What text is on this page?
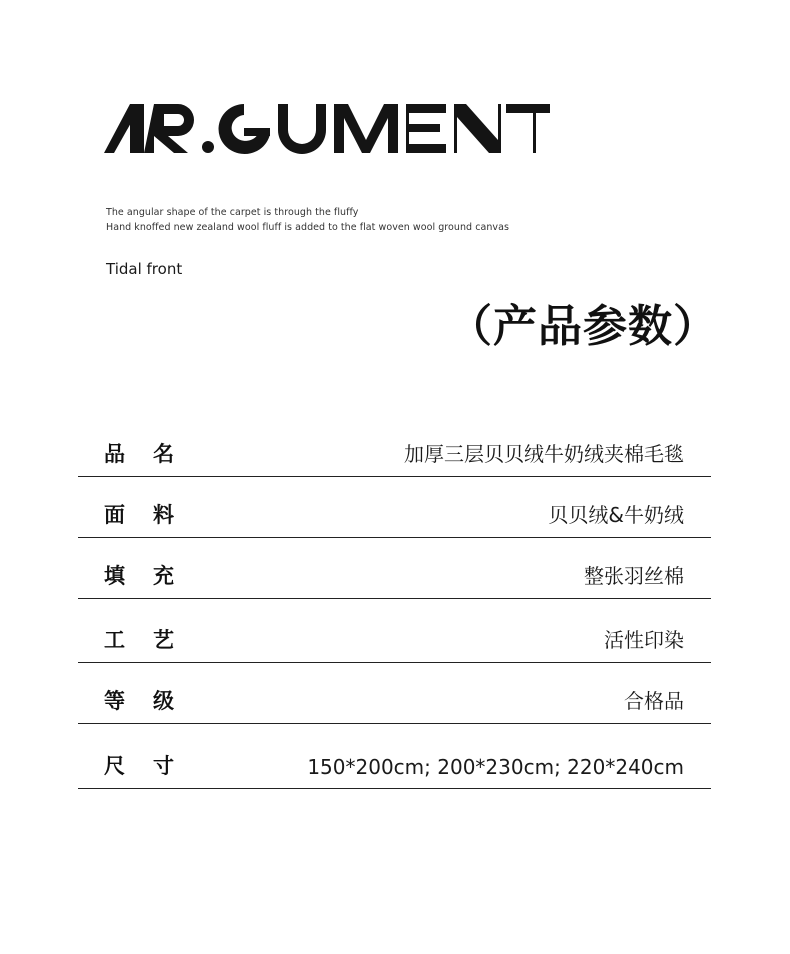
The angular shape of the carpet is through the fluffy
Hand knoffed new zealand wool fluff is added to the flat woven wool ground canvas
Tidal front
（产品参数）
品名	加厚三层贝贝绒牛奶绒夹棉毛毯
面料	贝贝绒&牛奶绒
填充	整张羽丝棉
工艺	活性印染
等级	合格品
尺寸	150*200cm; 200*230cm; 220*240cm
